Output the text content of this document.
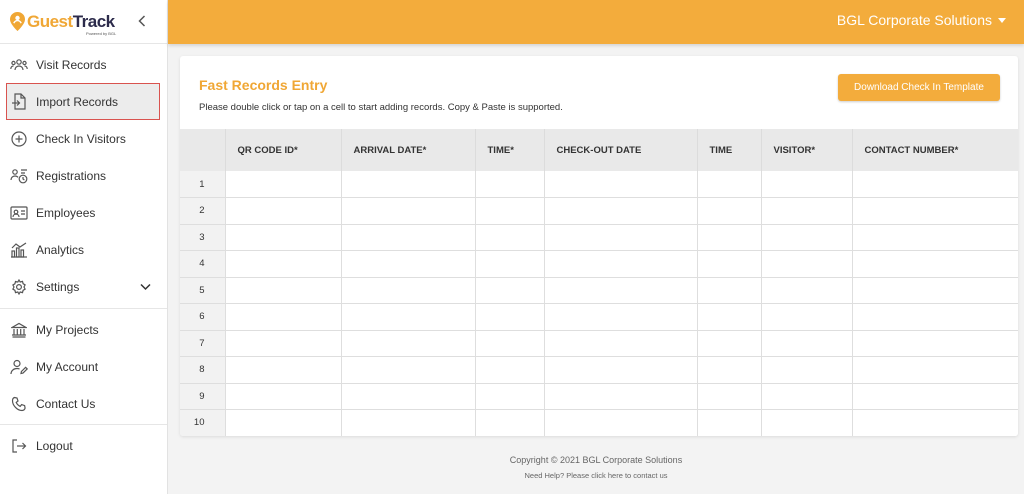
GuestTrack
Powered by BGL
Visit Records
Import Records
Check In Visitors
Registrations
Employees
Analytics
Settings
My Projects
My Account
Contact Us
Logout
BGL Corporate Solutions
Fast Records Entry
Please double click or tap on a cell to start adding records. Copy & Paste is supported.
Download Check In Template
	QR CODE ID*	ARRIVAL DATE*	TIME*	CHECK-OUT DATE	TIME	VISITOR*	CONTACT NUMBER*
1							
2							
3							
4							
5							
6							
7							
8							
9							
10							
Copyright © 2021 BGL Corporate Solutions
Need Help? Please click here to contact us
